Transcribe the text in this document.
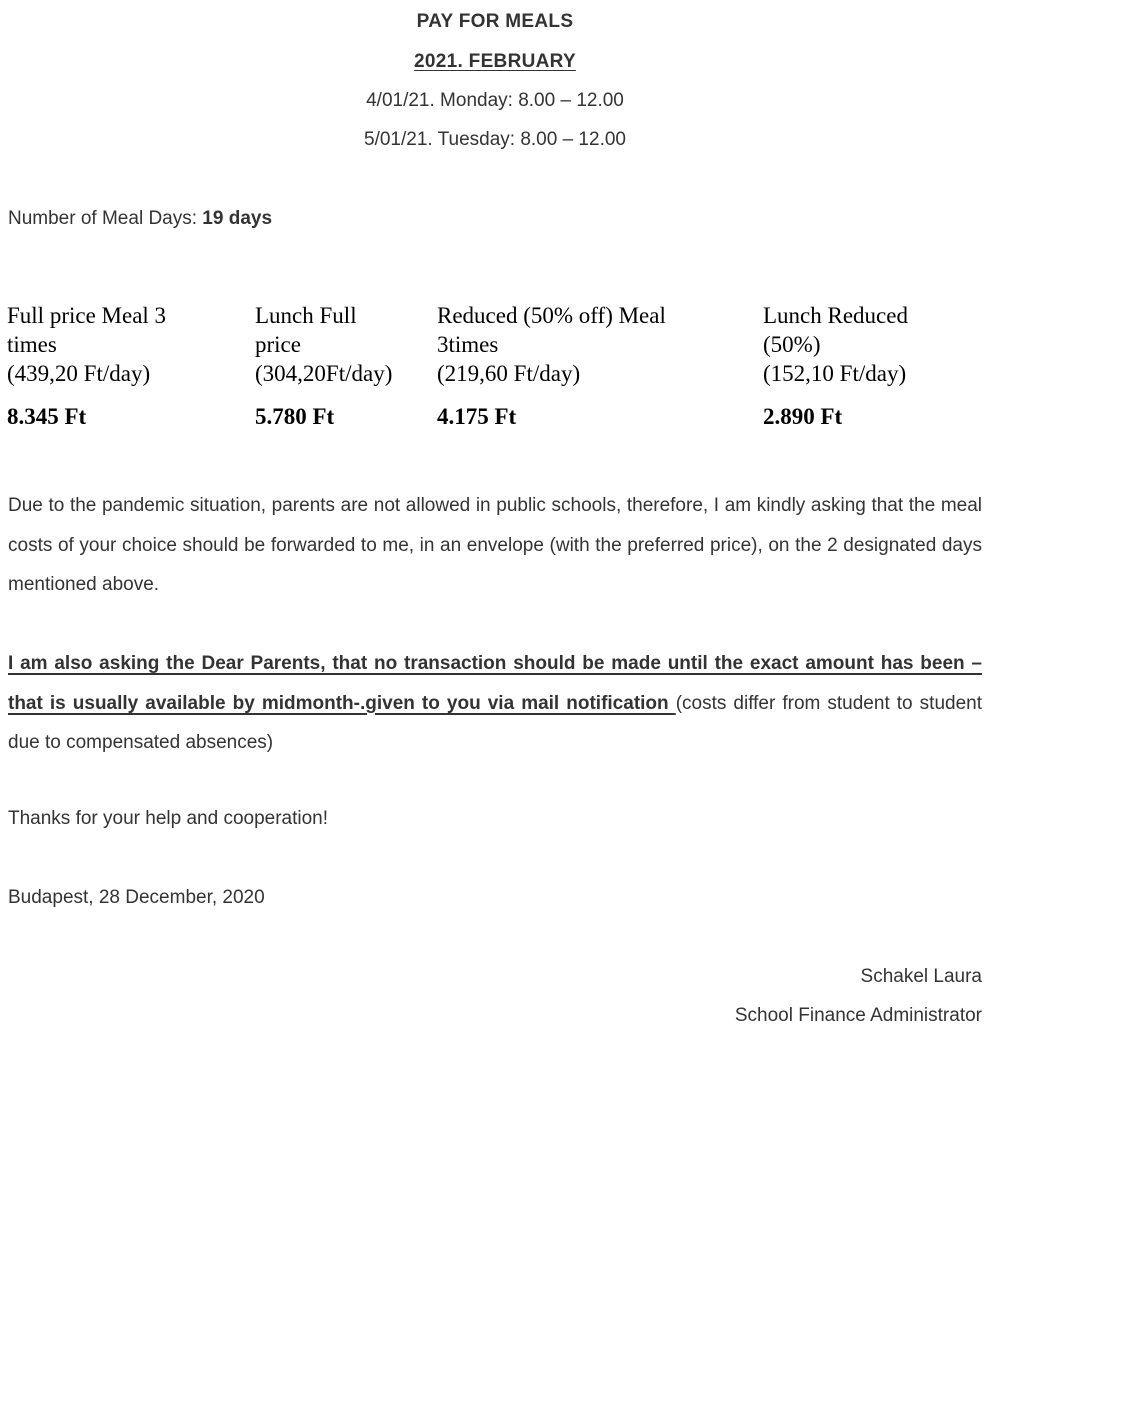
PAY FOR MEALS
2021. FEBRUARY
4/01/21. Monday: 8.00 – 12.00
5/01/21. Tuesday: 8.00 – 12.00
Number of Meal Days: 19 days
Full price Meal 3
times
(439,20 Ft/day)
8.345 Ft
Lunch Full
price
(304,20Ft/day)
5.780 Ft
Reduced (50% off) Meal
3times
(219,60 Ft/day)
4.175 Ft
Lunch Reduced
(50%)
(152,10 Ft/day)
2.890 Ft
Due to the pandemic situation, parents are not allowed in public schools, therefore, I am kindly asking that the meal costs of your choice should be forwarded to me, in an envelope (with the preferred price), on the 2 designated days mentioned above.
I am also asking the Dear Parents, that no transaction should be made until the exact amount has been – that is usually available by midmonth-.given to you via mail notification (costs differ from student to student due to compensated absences)
Thanks for your help and cooperation!
Budapest, 28 December, 2020
Schakel Laura
School Finance Administrator
